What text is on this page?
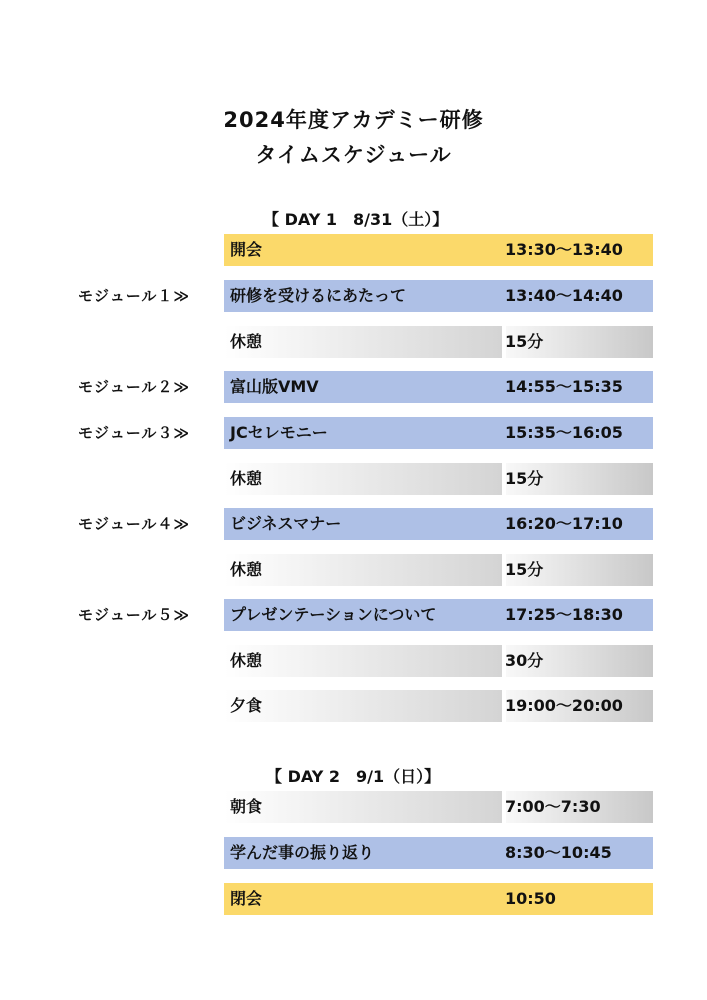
2024年度アカデミー研修
タイムスケジュール
【 DAY 1　8/31（土）】
開会	13:30〜13:40
モジュール１≫ 研修を受けるにあたって	13:40〜14:40
休憩	15分
モジュール２≫ 富山版VMV	14:55〜15:35
モジュール３≫ JCセレモニー	15:35〜16:05
休憩	15分
モジュール４≫ ビジネスマナー	16:20〜17:10
休憩	15分
モジュール５≫ プレゼンテーションについて	17:25〜18:30
休憩	30分
夕食	19:00〜20:00
【 DAY 2　9/1（日）】
朝食	7:00〜7:30
学んだ事の振り返り	8:30〜10:45
閉会	10:50
